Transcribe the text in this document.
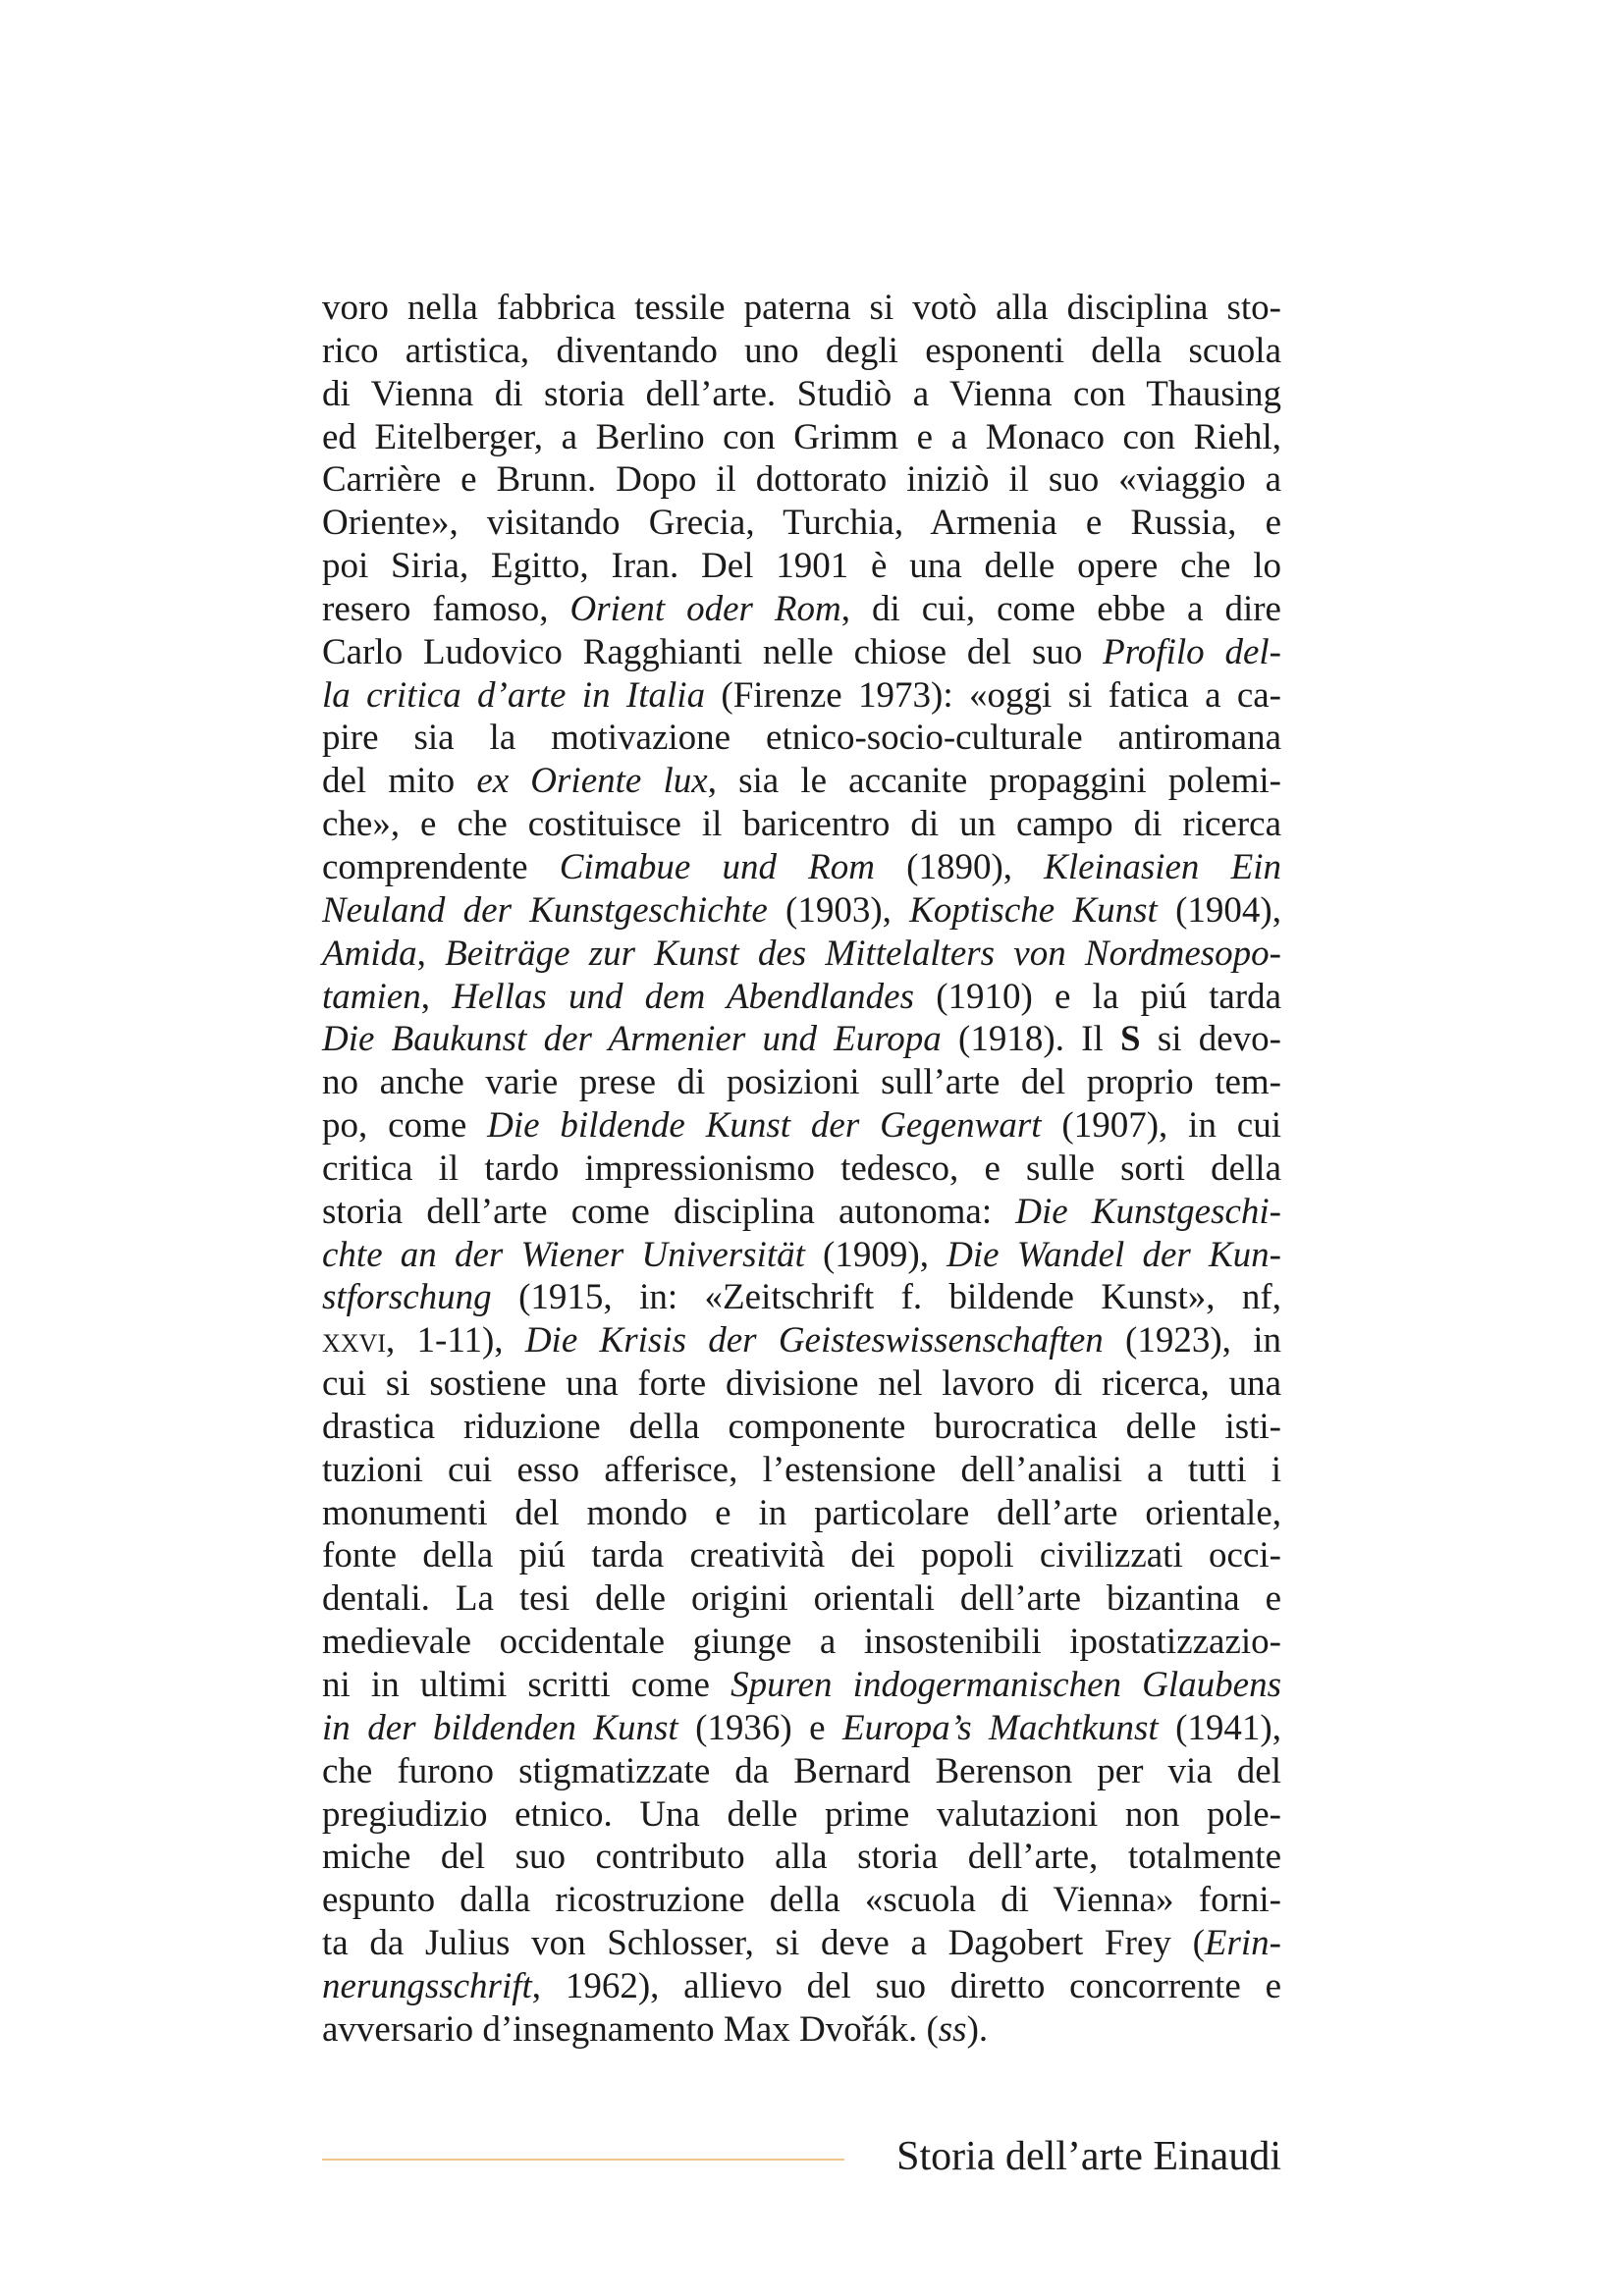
voro nella fabbrica tessile paterna si votò alla disciplina sto-
rico artistica, diventando uno degli esponenti della scuola
di Vienna di storia dell’arte. Studiò a Vienna con Thausing
ed Eitelberger, a Berlino con Grimm e a Monaco con Riehl,
Carrière e Brunn. Dopo il dottorato iniziò il suo «viaggio a
Oriente», visitando Grecia, Turchia, Armenia e Russia, e
poi Siria, Egitto, Iran. Del 1901 è una delle opere che lo
resero famoso, Orient oder Rom, di cui, come ebbe a dire
Carlo Ludovico Ragghianti nelle chiose del suo Profilo del-
la critica d’arte in Italia (Firenze 1973): «oggi si fatica a ca-
pire sia la motivazione etnico-socio-culturale antiromana
del mito ex Oriente lux, sia le accanite propaggini polemi-
che», e che costituisce il baricentro di un campo di ricerca
comprendente Cimabue und Rom (1890), Kleinasien Ein
Neuland der Kunstgeschichte (1903), Koptische Kunst (1904),
Amida, Beiträge zur Kunst des Mittelalters von Nordmesopo-
tamien, Hellas und dem Abendlandes (1910) e la piú tarda
Die Baukunst der Armenier und Europa (1918). Il S si devo-
no anche varie prese di posizioni sull’arte del proprio tem-
po, come Die bildende Kunst der Gegenwart (1907), in cui
critica il tardo impressionismo tedesco, e sulle sorti della
storia dell’arte come disciplina autonoma: Die Kunstgeschi-
chte an der Wiener Universität (1909), Die Wandel der Kun-
stforschung (1915, in: «Zeitschrift f. bildende Kunst», nf,
xxvi, 1-11), Die Krisis der Geisteswissenschaften (1923), in
cui si sostiene una forte divisione nel lavoro di ricerca, una
drastica riduzione della componente burocratica delle isti-
tuzioni cui esso afferisce, l’estensione dell’analisi a tutti i
monumenti del mondo e in particolare dell’arte orientale,
fonte della piú tarda creatività dei popoli civilizzati occi-
dentali. La tesi delle origini orientali dell’arte bizantina e
medievale occidentale giunge a insostenibili ipostatizzazio-
ni in ultimi scritti come Spuren indogermanischen Glaubens
in der bildenden Kunst (1936) e Europa’s Machtkunst (1941),
che furono stigmatizzate da Bernard Berenson per via del
pregiudizio etnico. Una delle prime valutazioni non pole-
miche del suo contributo alla storia dell’arte, totalmente
espunto dalla ricostruzione della «scuola di Vienna» forni-
ta da Julius von Schlosser, si deve a Dagobert Frey (Erin-
nerungsschrift, 1962), allievo del suo diretto concorrente e
avversario d’insegnamento Max Dvořák. (ss).
Storia dell’arte Einaudi
